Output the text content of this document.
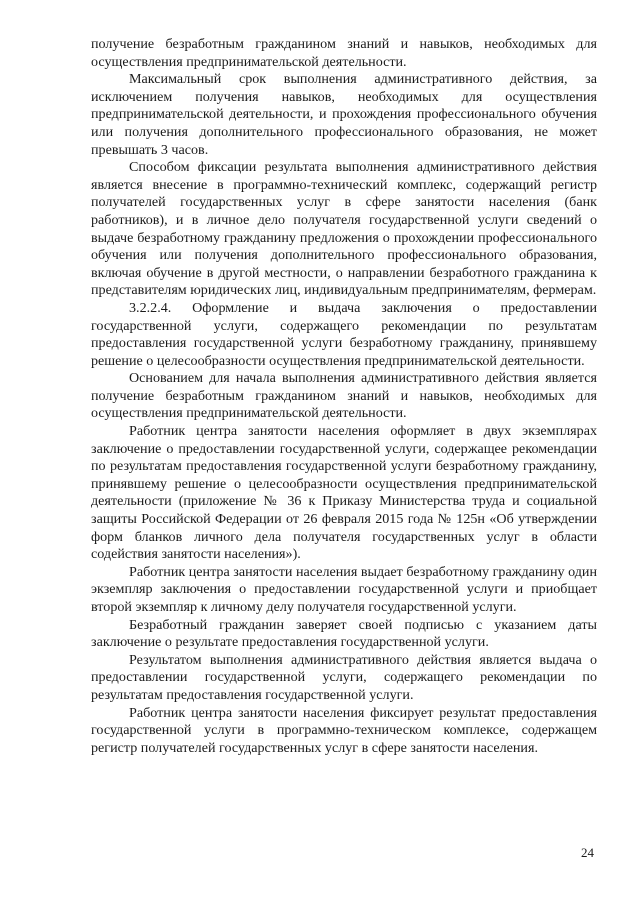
получение безработным гражданином знаний и навыков, необходимых для осуществления предпринимательской деятельности.

Максимальный срок выполнения административного действия, за исключением получения навыков, необходимых для осуществления предпринимательской деятельности, и прохождения профессионального обучения или получения дополнительного профессионального образования, не может превышать 3 часов.

Способом фиксации результата выполнения административного действия является внесение в программно-технический комплекс, содержащий регистр получателей государственных услуг в сфере занятости населения (банк работников), и в личное дело получателя государственной услуги сведений о выдаче безработному гражданину предложения о прохождении профессионального обучения или получения дополнительного профессионального образования, включая обучение в другой местности, о направлении безработного гражданина к представителям юридических лиц, индивидуальным предпринимателям, фермерам.

3.2.2.4. Оформление и выдача заключения о предоставлении государственной услуги, содержащего рекомендации по результатам предоставления государственной услуги безработному гражданину, принявшему решение о целесообразности осуществления предпринимательской деятельности.

Основанием для начала выполнения административного действия является получение безработным гражданином знаний и навыков, необходимых для осуществления предпринимательской деятельности.

Работник центра занятости населения оформляет в двух экземплярах заключение о предоставлении государственной услуги, содержащее рекомендации по результатам предоставления государственной услуги безработному гражданину, принявшему решение о целесообразности осуществления предпринимательской деятельности (приложение № 36 к Приказу Министерства труда и социальной защиты Российской Федерации от 26 февраля 2015 года № 125н «Об утверждении форм бланков личного дела получателя государственных услуг в области содействия занятости населения»).

Работник центра занятости населения выдает безработному гражданину один экземпляр заключения о предоставлении государственной услуги и приобщает второй экземпляр к личному делу получателя государственной услуги.

Безработный гражданин заверяет своей подписью с указанием даты заключение о результате предоставления государственной услуги.

Результатом выполнения административного действия является выдача о предоставлении государственной услуги, содержащего рекомендации по результатам предоставления государственной услуги.

Работник центра занятости населения фиксирует результат предоставления государственной услуги в программно-техническом комплексе, содержащем регистр получателей государственных услуг в сфере занятости населения.

24
